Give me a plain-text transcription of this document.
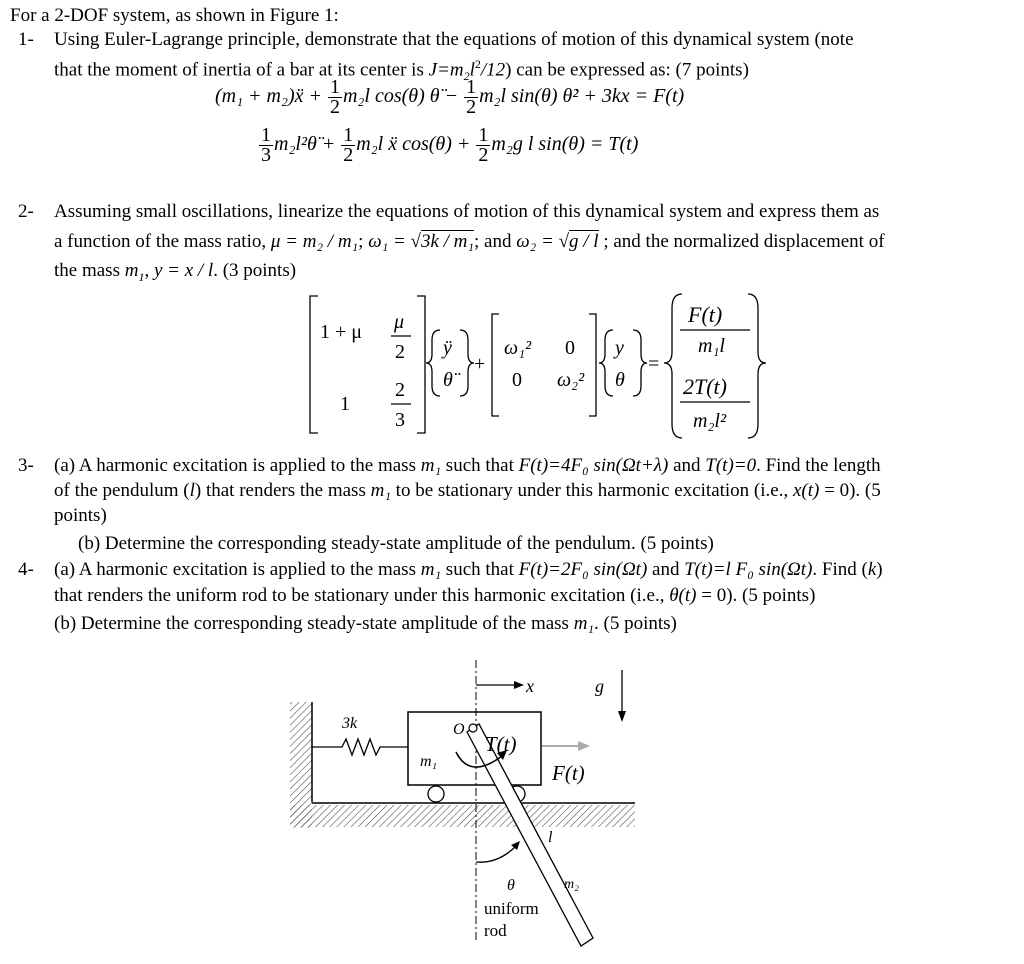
For a 2-DOF system, as shown in Figure 1:
1- Using Euler-Lagrange principle, demonstrate that the equations of motion of this dynamical system (note
that the moment of inertia of a bar at its center is $J=m_2l^2/12$) can be expressed as: (7 points)
(m₁ + m₂)ẍ + $\frac{1}{2} m_2l$ cos(θ) θ̈ − $\frac{1}{2} m_2l$ sin(θ) θ̇² + 3kx = F(t)
$\frac{1}{3}$ m₂l²θ̈ + $\frac{1}{2} m_2l$ ẍ $\cos(\theta) + \frac{1}{2} m_2g$ l sin(θ) = T(t)
2- Assuming small oscillations, linearize the equations of motion of this dynamical system and express them as
a function of the mass ratio, μ = m₂ / m₁; ω₁ = √3k / m₁; and ω₂ = √g / l ; and the normalized displacement of
the mass $m_1$, y = x / l. (3 points)
1 + μ μ
2
1
2
3
ÿ
θ̈
+
ω₁² 0
0 ω₂²
y
θ
=
F(t)
m₁l
2T(t)
m₂l²
3- (a) A harmonic excitation is applied to the mass m₁ such that F(t)=4F₀ sin(Ωt+λ) and T(t)=0. Find the length
of the pendulum (l) that renders the mass m₁ to be stationary under this harmonic excitation (i.e., x(t) = 0). (5
points)
(b) Determine the corresponding steady-state amplitude of the pendulum. (5 points)
4- (a) A harmonic excitation is applied to the mass m₁ such that F(t)=2F₀ sin(Ωt) and T(t)=l F₀ sin(Ωt). Find (k)
that renders the uniform rod to be stationary under this harmonic excitation (i.e., θ(t) = 0). (5 points)
(b) Determine the corresponding steady-state amplitude of the mass m₁. (5 points)
3k
m₁
x	g
O
T(t)
F(t)
l
θ	m₂
uniform
rod
